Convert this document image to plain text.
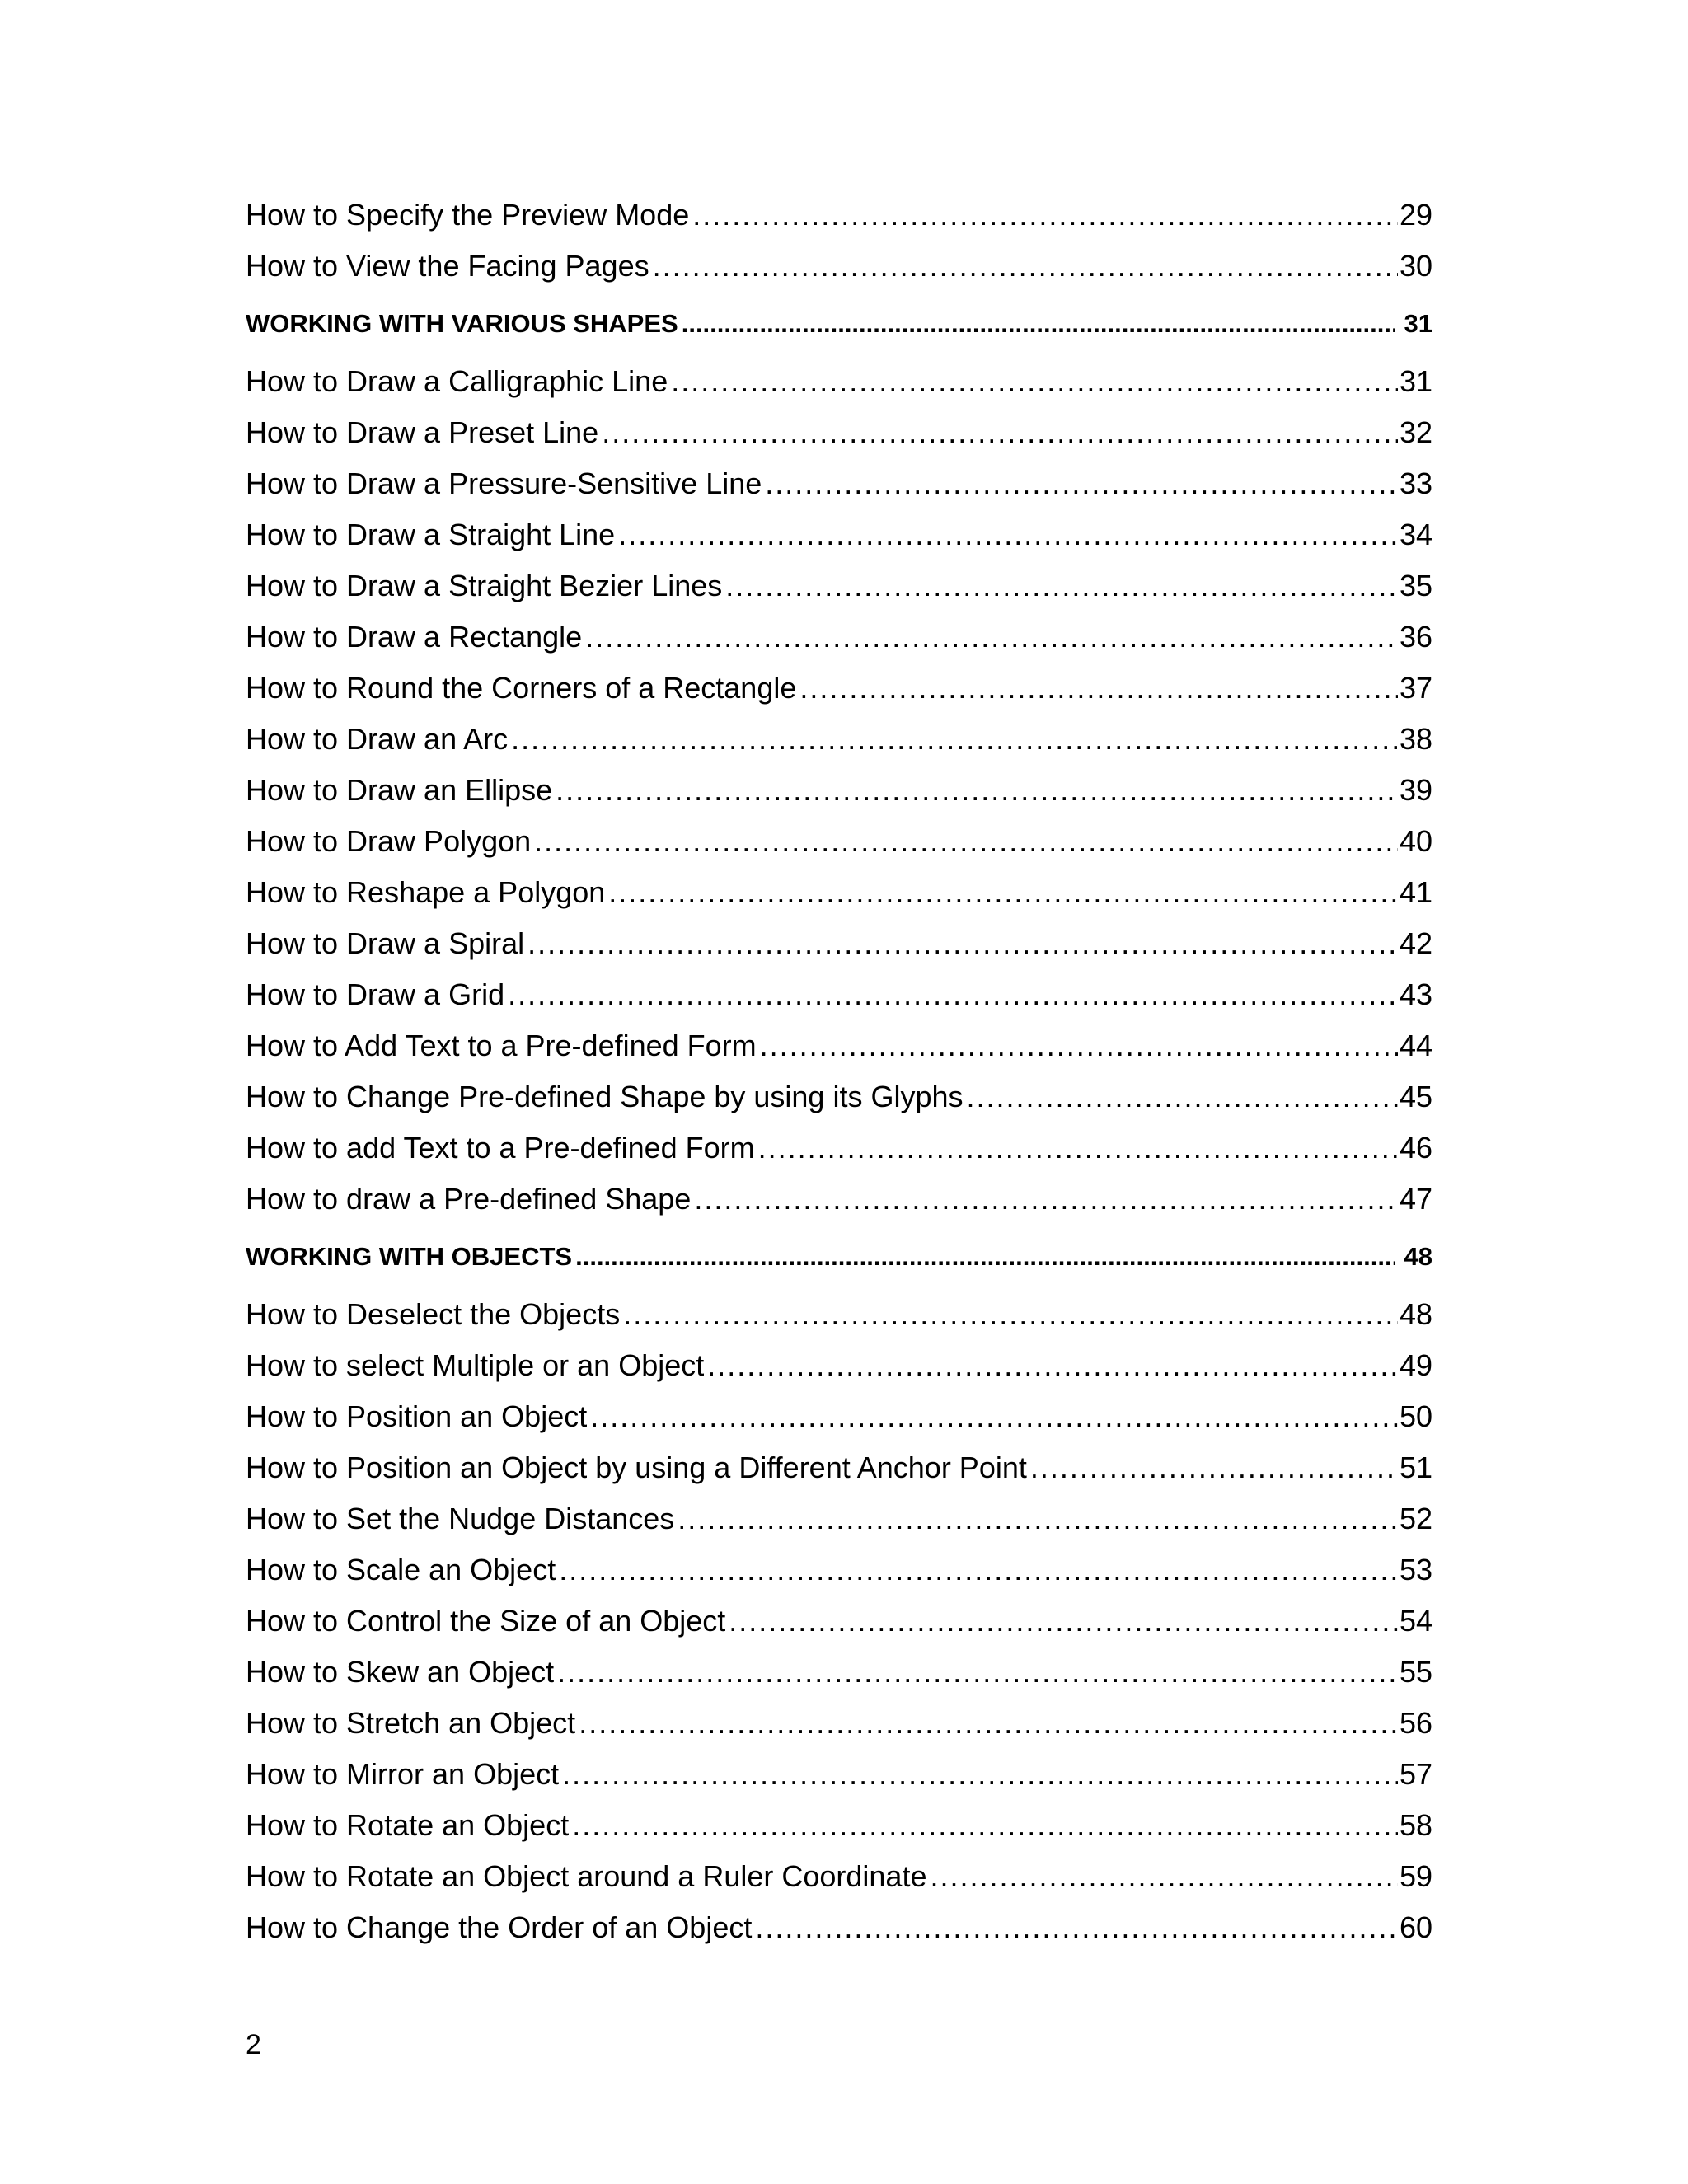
How to Specify the Preview Mode .....	29
How to View the Facing Pages .....	30
WORKING WITH VARIOUS SHAPES .....	31
How to Draw a Calligraphic Line .....	31
How to Draw a Preset Line .....	32
How to Draw a Pressure-Sensitive Line .....	33
How to Draw a Straight Line .....	34
How to Draw a Straight Bezier Lines .....	35
How to Draw a Rectangle .....	36
How to Round the Corners of a Rectangle .....	37
How to Draw an Arc .....	38
How to Draw an Ellipse .....	39
How to Draw Polygon .....	40
How to Reshape a Polygon .....	41
How to Draw a Spiral .....	42
How to Draw a Grid .....	43
How to Add Text to a Pre-defined Form .....	44
How to Change Pre-defined Shape by using its Glyphs .....	45
How to add Text to a Pre-defined Form .....	46
How to draw a Pre-defined Shape .....	47
WORKING WITH OBJECTS .....	48
How to Deselect the Objects .....	48
How to select Multiple or an Object .....	49
How to Position an Object .....	50
How to Position an Object by using a Different Anchor Point .....	51
How to Set the Nudge Distances .....	52
How to Scale an Object .....	53
How to Control the Size of an Object .....	54
How to Skew an Object .....	55
How to Stretch an Object .....	56
How to Mirror an Object .....	57
How to Rotate an Object .....	58
How to Rotate an Object around a Ruler Coordinate .....	59
How to Change the Order of an Object .....	60
2
